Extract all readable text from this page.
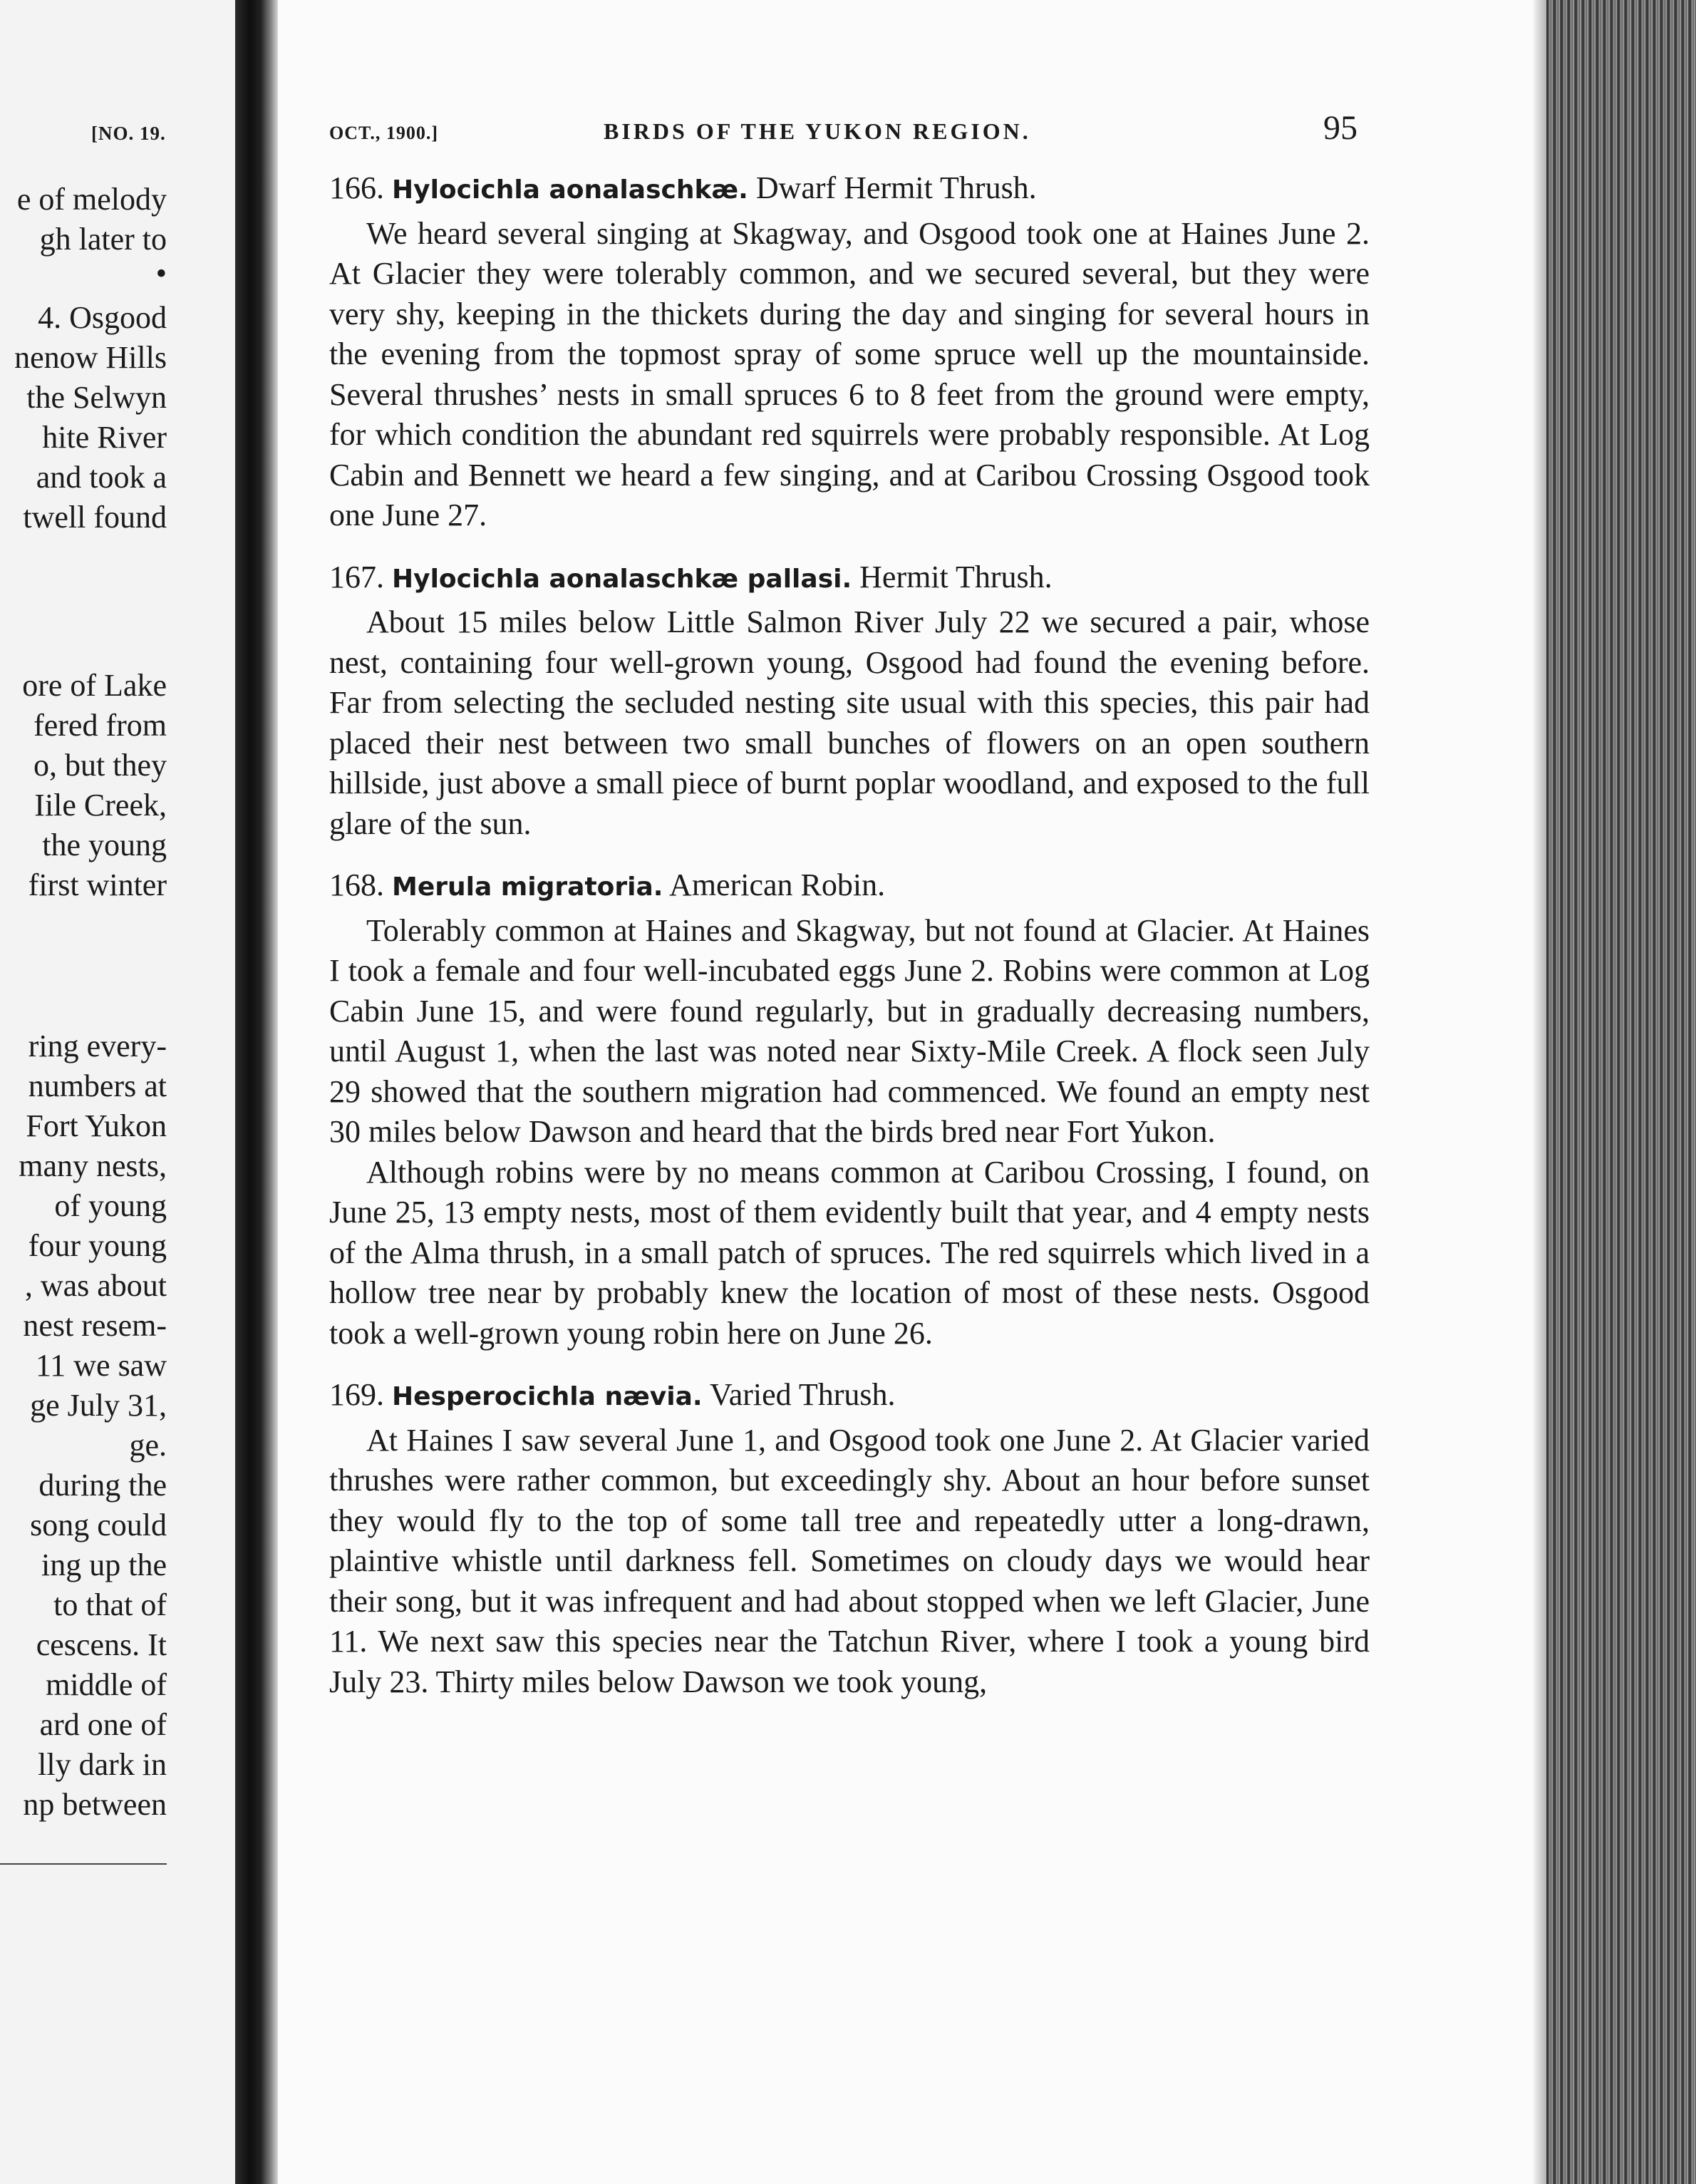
[NO. 19.
e of melody
gh later to
•
4. Osgood
nenow Hills
the Selwyn
hite River
and took a
twell found
ore of Lake
fered from
o, but they
Iile Creek,
the young
first winter
ring every-
numbers at
Fort Yukon
many nests,
of young
four young
, was about
nest resem-
11 we saw
ge July 31,
ge.
during the
song could
ing up the
to that of
cescens. It
middle of
ard one of
lly dark in
np between
OCT., 1900.]	BIRDS OF THE YUKON REGION.	95
166. Hylocichla aonalaschkæ. Dwarf Hermit Thrush.

We heard several singing at Skagway, and Osgood took one at Haines June 2. At Glacier they were tolerably common, and we secured several, but they were very shy, keeping in the thickets during the day and singing for several hours in the evening from the topmost spray of some spruce well up the mountainside. Several thrushes’ nests in small spruces 6 to 8 feet from the ground were empty, for which condition the abundant red squirrels were probably responsible. At Log Cabin and Bennett we heard a few singing, and at Caribou Crossing Osgood took one June 27.

167. Hylocichla aonalaschkæ pallasi. Hermit Thrush.

About 15 miles below Little Salmon River July 22 we secured a pair, whose nest, containing four well-grown young, Osgood had found the evening before. Far from selecting the secluded nesting site usual with this species, this pair had placed their nest between two small bunches of flowers on an open southern hillside, just above a small piece of burnt poplar woodland, and exposed to the full glare of the sun.

168. Merula migratoria. American Robin.

Tolerably common at Haines and Skagway, but not found at Glacier. At Haines I took a female and four well-incubated eggs June 2. Robins were common at Log Cabin June 15, and were found regularly, but in gradually decreasing numbers, until August 1, when the last was noted near Sixty-Mile Creek. A flock seen July 29 showed that the southern migration had commenced. We found an empty nest 30 miles below Dawson and heard that the birds bred near Fort Yukon.

Although robins were by no means common at Caribou Crossing, I found, on June 25, 13 empty nests, most of them evidently built that year, and 4 empty nests of the Alma thrush, in a small patch of spruces. The red squirrels which lived in a hollow tree near by probably knew the location of most of these nests. Osgood took a well-grown young robin here on June 26.

169. Hesperocichla nævia. Varied Thrush.

At Haines I saw several June 1, and Osgood took one June 2. At Glacier varied thrushes were rather common, but exceedingly shy. About an hour before sunset they would fly to the top of some tall tree and repeatedly utter a long-drawn, plaintive whistle until darkness fell. Sometimes on cloudy days we would hear their song, but it was infrequent and had about stopped when we left Glacier, June 11. We next saw this species near the Tatchun River, where I took a young bird July 23. Thirty miles below Dawson we took young,
